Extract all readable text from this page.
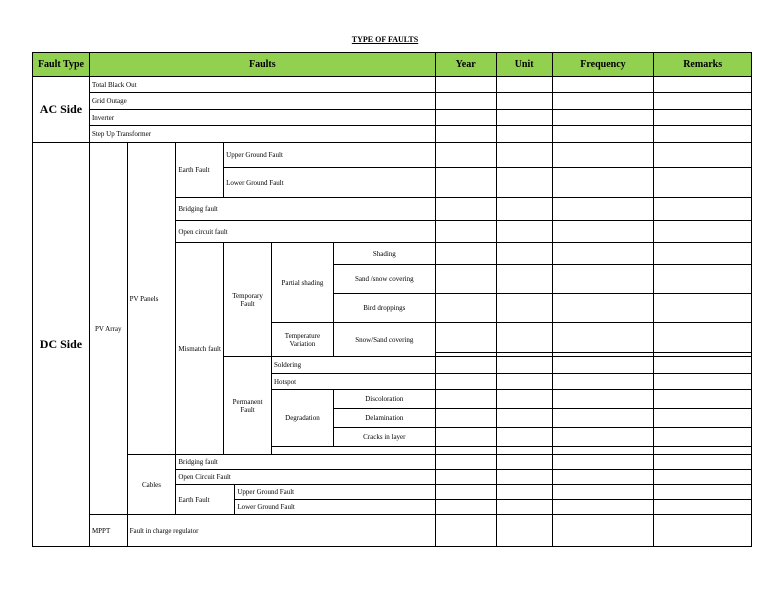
TYPE OF FAULTS
Fault Type	Faults							Year	Unit	Frequency	Remarks
AC Side	Total Black Out										
	Grid Outage										
	Inverter										
	Step Up Transformer										
DC Side	PV Array	PV Panels	Earth Fault	Upper Ground Fault							
				Lower Ground Fault							
			Bridging fault								
			Open circuit fault								
			Mismatch fault	Temporary Fault		Partial shading	Shading				
							Sand /snow covering				
							Bird droppings				
						Temperature Variation	Snow/Sand covering				

				Permanent Fault		Soldering					
						Hotspot					
						Degradation	Discoloration				
							Delamination				
							Cracks in layer				

		Cables	Bridging fault								
			Open Circuit Fault								
			Earth Fault		Upper Ground Fault						
					Lower Ground Fault						
	MPPT	Fault in charge regulator									
